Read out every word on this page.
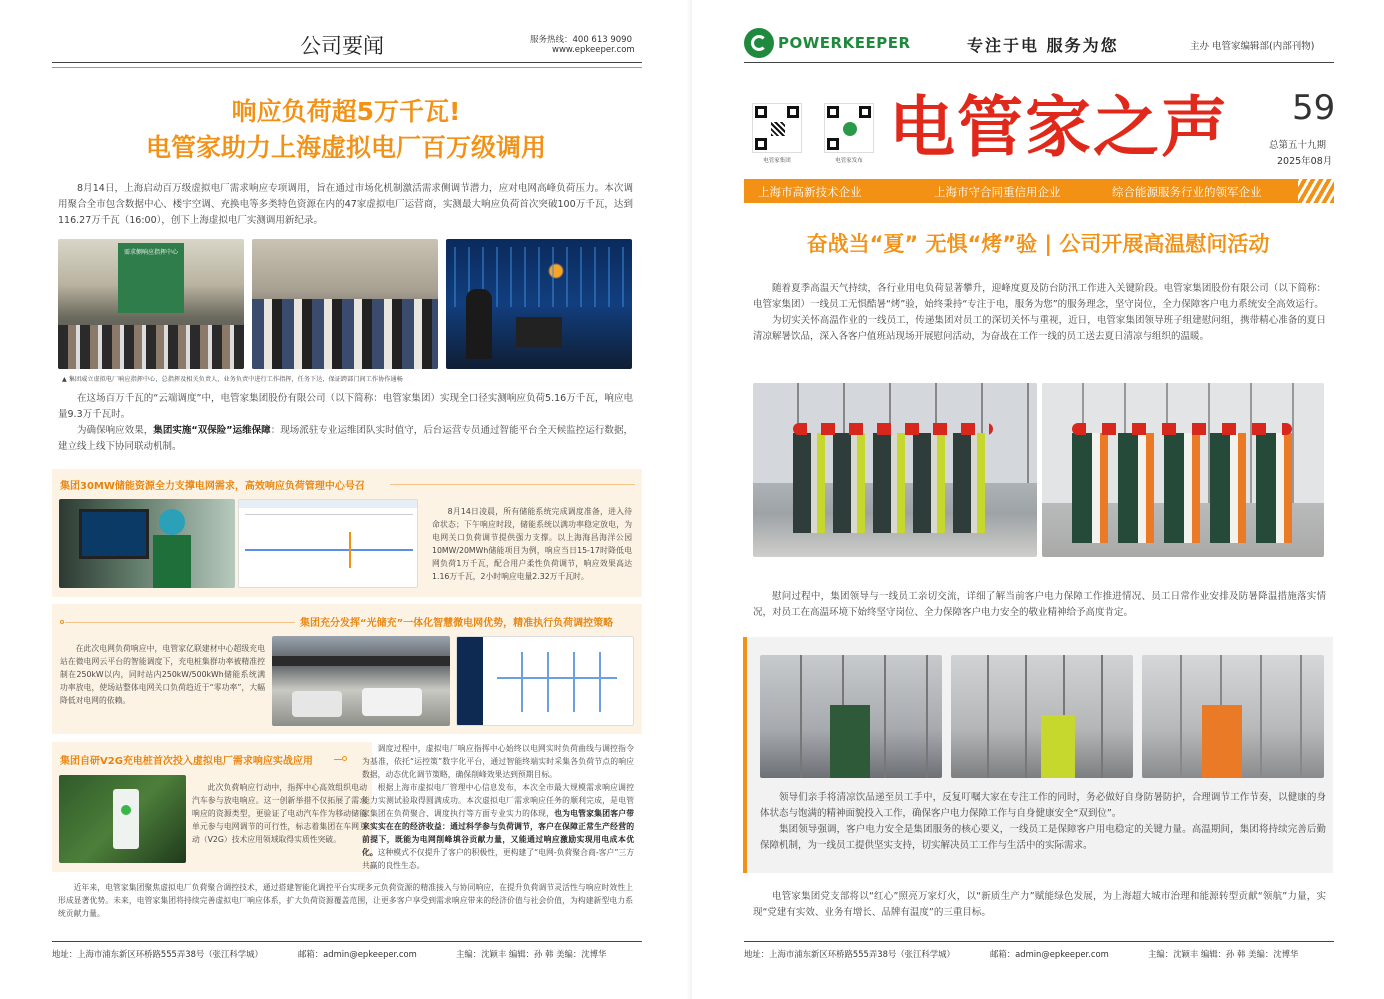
公司要闻	服务热线：400 613 9090
www.epkeeper.com
响应负荷超5万千瓦!
电管家助力上海虚拟电厂百万级调用

8月14日，上海启动百万级虚拟电厂需求响应专项调用，旨在通过市场化机制激活需求侧调节潜力，应对电网高峰负荷压力。本次调用聚合全市包含数据中心、楼宇空调、充换电等多类特色资源在内的47家虚拟电厂运营商，实测最大响应负荷首次突破100万千瓦，达到116.27万千瓦（16:00），创下上海虚拟电厂实测调用新纪录。

需求侧响应指挥中心
▲ 集团威立虚拟电厂响应指挥中心，总指挥及相关负责人，业务负责中进行工作指挥，任务下达，保证跨部门间工作协作通畅

在这场百万千瓦的“云端调度”中，电管家集团股份有限公司（以下简称：电管家集团）实现全口径实测响应负荷5.16万千瓦，响应电量9.3万千瓦时。

为确保响应效果，集团实施“双保险”运维保障：现场派驻专业运维团队实时值守，后台运营专员通过智能平台全天候监控运行数据，建立线上线下协同联动机制。

集团30MW储能资源全力支撑电网需求，高效响应负荷管理中心号召

8月14日凌晨，所有储能系统完成调度准备，进入待命状态；下午响应时段，储能系统以满功率稳定放电，为电网关口负荷调节提供强力支撑。以上海海昌海洋公园10MW/20MWh储能项目为例，响应当日15-17时降低电网负荷1万千瓦，配合用户柔性负荷调节，响应效果高达1.16万千瓦，2小时响应电量2.32万千瓦时。

集团充分发挥“光储充”一体化智慧微电网优势，精准执行负荷调控策略

在此次电网负荷响应中，电管家亿联建材中心超级充电站在微电网云平台的智能调度下，充电桩集群功率被精准控制在250kW以内，同时站内250kW/500kWh储能系统满功率放电，使场站整体电网关口负荷趋近于“零功率”，大幅降低对电网的依赖。

集团自研V2G充电桩首次投入虚拟电厂需求响应实战应用

此次负荷响应行动中，指挥中心高效组织电动汽车参与放电响应。这一创新举措不仅拓展了需求响应的资源类型，更验证了电动汽车作为移动储能单元参与电网调节的可行性，标志着集团在车网互动（V2G）技术应用领域取得实质性突破。

调度过程中，虚拟电厂响应指挥中心始终以电网实时负荷曲线与调控指令为基准，依托“运控策”数字化平台，通过智能终端实时采集各负荷节点的响应数据，动态优化调节策略，确保削峰效果达到预期目标。

根据上海市虚拟电厂管理中心信息发布，本次全市最大规模需求响应调控能力实测试验取得圆满成功。本次虚拟电厂需求响应任务的顺利完成，是电管家集团在负荷聚合、调度执行等方面专业实力的体现，也为电管家集团客户带来实实在在的经济收益：通过科学参与负荷调节，客户在保障正常生产经营的前提下，既能为电网削峰填谷贡献力量，又能通过响应激励实现用电成本优化。这种模式不仅提升了客户的积极性，更构建了“电网-负荷聚合商-客户”三方共赢的良性生态。

近年来，电管家集团聚焦虚拟电厂负荷聚合调控技术，通过搭建智能化调控平台实现多元负荷资源的精准接入与协同响应，在提升负荷调节灵活性与响应时效性上形成显著优势。未来，电管家集团将持续完善虚拟电厂响应体系，扩大负荷资源覆盖范围，让更多客户享受到需求响应带来的经济价值与社会价值，为构建新型电力系统贡献力量。

地址：上海市浦东新区环桥路555弄38号（张江科学城）	邮箱：admin@epkeeper.com	主编：沈颖丰 编辑：孙 韩 美编：沈博华
POWERKEEPER	专注于电 服务为您	主办 电管家编辑部(内部刊物)
电管家集团	电管家发布 电管家之声 59
总第五十九期
2025年08月
上海市高新技术企业	上海市守合同重信用企业	综合能源服务行业的领军企业
奋战当“夏” 无惧“烤”验 | 公司开展高温慰问活动

随着夏季高温天气持续，各行业用电负荷显著攀升，迎峰度夏及防台防汛工作进入关键阶段。电管家集团股份有限公司（以下简称：电管家集团）一线员工无惧酷暑“烤”验，始终秉持“专注于电，服务为您”的服务理念，坚守岗位，全力保障客户电力系统安全高效运行。

为切实关怀高温作业的一线员工，传递集团对员工的深切关怀与重视，近日，电管家集团领导班子组建慰问组，携带精心准备的夏日清凉解暑饮品，深入各客户值班站现场开展慰问活动，为奋战在工作一线的员工送去夏日清凉与组织的温暖。

慰问过程中，集团领导与一线员工亲切交流，详细了解当前客户电力保障工作推进情况、员工日常作业安排及防暑降温措施落实情况，对员工在高温环境下始终坚守岗位、全力保障客户电力安全的敬业精神给予高度肯定。

领导们亲手将清凉饮品递至员工手中，反复叮嘱大家在专注工作的同时，务必做好自身防暑防护，合理调节工作节奏，以健康的身体状态与饱满的精神面貌投入工作，确保客户电力保障工作与自身健康安全“双到位”。

集团领导强调，客户电力安全是集团服务的核心要义，一线员工是保障客户用电稳定的关键力量。高温期间，集团将持续完善后勤保障机制，为一线员工提供坚实支持，切实解决员工工作与生活中的实际需求。

电管家集团党支部将以“红心”照亮万家灯火，以“新质生产力”赋能绿色发展，为上海超大城市治理和能源转型贡献“领航”力量，实现“党建有实效、业务有增长、品牌有温度”的三重目标。

地址：上海市浦东新区环桥路555弄38号（张江科学城）	邮箱：admin@epkeeper.com	主编：沈颖丰 编辑：孙 韩 美编：沈博华
